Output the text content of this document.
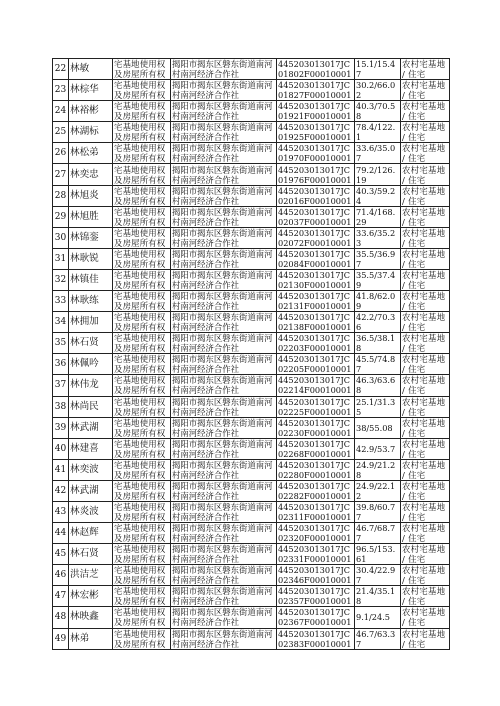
22	林敏	宅基地使用权及房屋所有权	揭阳市揭东区磐东街道南河村南河经济合作社	445203013017JC01802F00010001	15.1/15.47	农村宅基地 / 住宅
23	林棕华	宅基地使用权及房屋所有权	揭阳市揭东区磐东街道南河村南河经济合作社	445203013017JC01827F00010001	30.2/66.02	农村宅基地 / 住宅
24	林裕彬	宅基地使用权及房屋所有权	揭阳市揭东区磐东街道南河村南河经济合作社	445203013017JC01921F00010001	40.3/70.58	农村宅基地 / 住宅
25	林湖标	宅基地使用权及房屋所有权	揭阳市揭东区磐东街道南河村南河经济合作社	445203013017JC01925F00010001	78.4/122.1	农村宅基地 / 住宅
26	林松弟	宅基地使用权及房屋所有权	揭阳市揭东区磐东街道南河村南河经济合作社	445203013017JC01970F00010001	33.6/35.07	农村宅基地 / 住宅
27	林奕忠	宅基地使用权及房屋所有权	揭阳市揭东区磐东街道南河村南河经济合作社	445203013017JC01976F00010001	79.2/126.19	农村宅基地 / 住宅
28	林旭炎	宅基地使用权及房屋所有权	揭阳市揭东区磐东街道南河村南河经济合作社	445203013017JC02016F00010001	40.3/59.24	农村宅基地 / 住宅
29	林旭胜	宅基地使用权及房屋所有权	揭阳市揭东区磐东街道南河村南河经济合作社	445203013017JC02037F00010001	71.4/168.29	农村宅基地 / 住宅
30	林锦銮	宅基地使用权及房屋所有权	揭阳市揭东区磐东街道南河村南河经济合作社	445203013017JC02072F00010001	33.6/35.23	农村宅基地 / 住宅
31	林耿锐	宅基地使用权及房屋所有权	揭阳市揭东区磐东街道南河村南河经济合作社	445203013017JC02084F00010001	35.5/36.97	农村宅基地 / 住宅
32	林镇佳	宅基地使用权及房屋所有权	揭阳市揭东区磐东街道南河村南河经济合作社	445203013017JC02130F00010001	35.5/37.49	农村宅基地 / 住宅
33	林耿练	宅基地使用权及房屋所有权	揭阳市揭东区磐东街道南河村南河经济合作社	445203013017JC02131F00010001	41.8/62.09	农村宅基地 / 住宅
34	林拥加	宅基地使用权及房屋所有权	揭阳市揭东区磐东街道南河村南河经济合作社	445203013017JC02138F00010001	42.2/70.36	农村宅基地 / 住宅
35	林石贤	宅基地使用权及房屋所有权	揭阳市揭东区磐东街道南河村南河经济合作社	445203013017JC02203F00010001	36.5/38.18	农村宅基地 / 住宅
36	林佩吟	宅基地使用权及房屋所有权	揭阳市揭东区磐东街道南河村南河经济合作社	445203013017JC02205F00010001	45.5/74.87	农村宅基地 / 住宅
37	林伟龙	宅基地使用权及房屋所有权	揭阳市揭东区磐东街道南河村南河经济合作社	445203013017JC02214F00010001	46.3/63.68	农村宅基地 / 住宅
38	林尚民	宅基地使用权及房屋所有权	揭阳市揭东区磐东街道南河村南河经济合作社	445203013017JC02225F00010001	25.1/31.35	农村宅基地 / 住宅
39	林武湖	宅基地使用权及房屋所有权	揭阳市揭东区磐东街道南河村南河经济合作社	445203013017JC02230F00010001	38/55.08	农村宅基地 / 住宅
40	林建喜	宅基地使用权及房屋所有权	揭阳市揭东区磐东街道南河村南河经济合作社	445203013017JC02268F00010001	42.9/53.7	农村宅基地 / 住宅
41	林奕波	宅基地使用权及房屋所有权	揭阳市揭东区磐东街道南河村南河经济合作社	445203013017JC02280F00010001	24.9/21.28	农村宅基地 / 住宅
42	林武湖	宅基地使用权及房屋所有权	揭阳市揭东区磐东街道南河村南河经济合作社	445203013017JC02282F00010001	24.9/22.12	农村宅基地 / 住宅
43	林炎波	宅基地使用权及房屋所有权	揭阳市揭东区磐东街道南河村南河经济合作社	445203013017JC02311F00010001	39.8/60.77	农村宅基地 / 住宅
44	林赵辉	宅基地使用权及房屋所有权	揭阳市揭东区磐东街道南河村南河经济合作社	445203013017JC02320F00010001	46.7/68.77	农村宅基地 / 住宅
45	林石贤	宅基地使用权及房屋所有权	揭阳市揭东区磐东街道南河村南河经济合作社	445203013017JC02331F00010001	96.5/153.61	农村宅基地 / 住宅
46	洪洁芝	宅基地使用权及房屋所有权	揭阳市揭东区磐东街道南河村南河经济合作社	445203013017JC02346F00010001	30.4/22.97	农村宅基地 / 住宅
47	林宏彬	宅基地使用权及房屋所有权	揭阳市揭东区磐东街道南河村南河经济合作社	445203013017JC02357F00010001	21.4/35.18	农村宅基地 / 住宅
48	林映鑫	宅基地使用权及房屋所有权	揭阳市揭东区磐东街道南河村南河经济合作社	445203013017JC02367F00010001	9.1/24.5	农村宅基地 / 住宅
49	林弟	宅基地使用权及房屋所有权	揭阳市揭东区磐东街道南河村南河经济合作社	445203013017JC02383F00010001	46.7/63.37	农村宅基地 / 住宅
